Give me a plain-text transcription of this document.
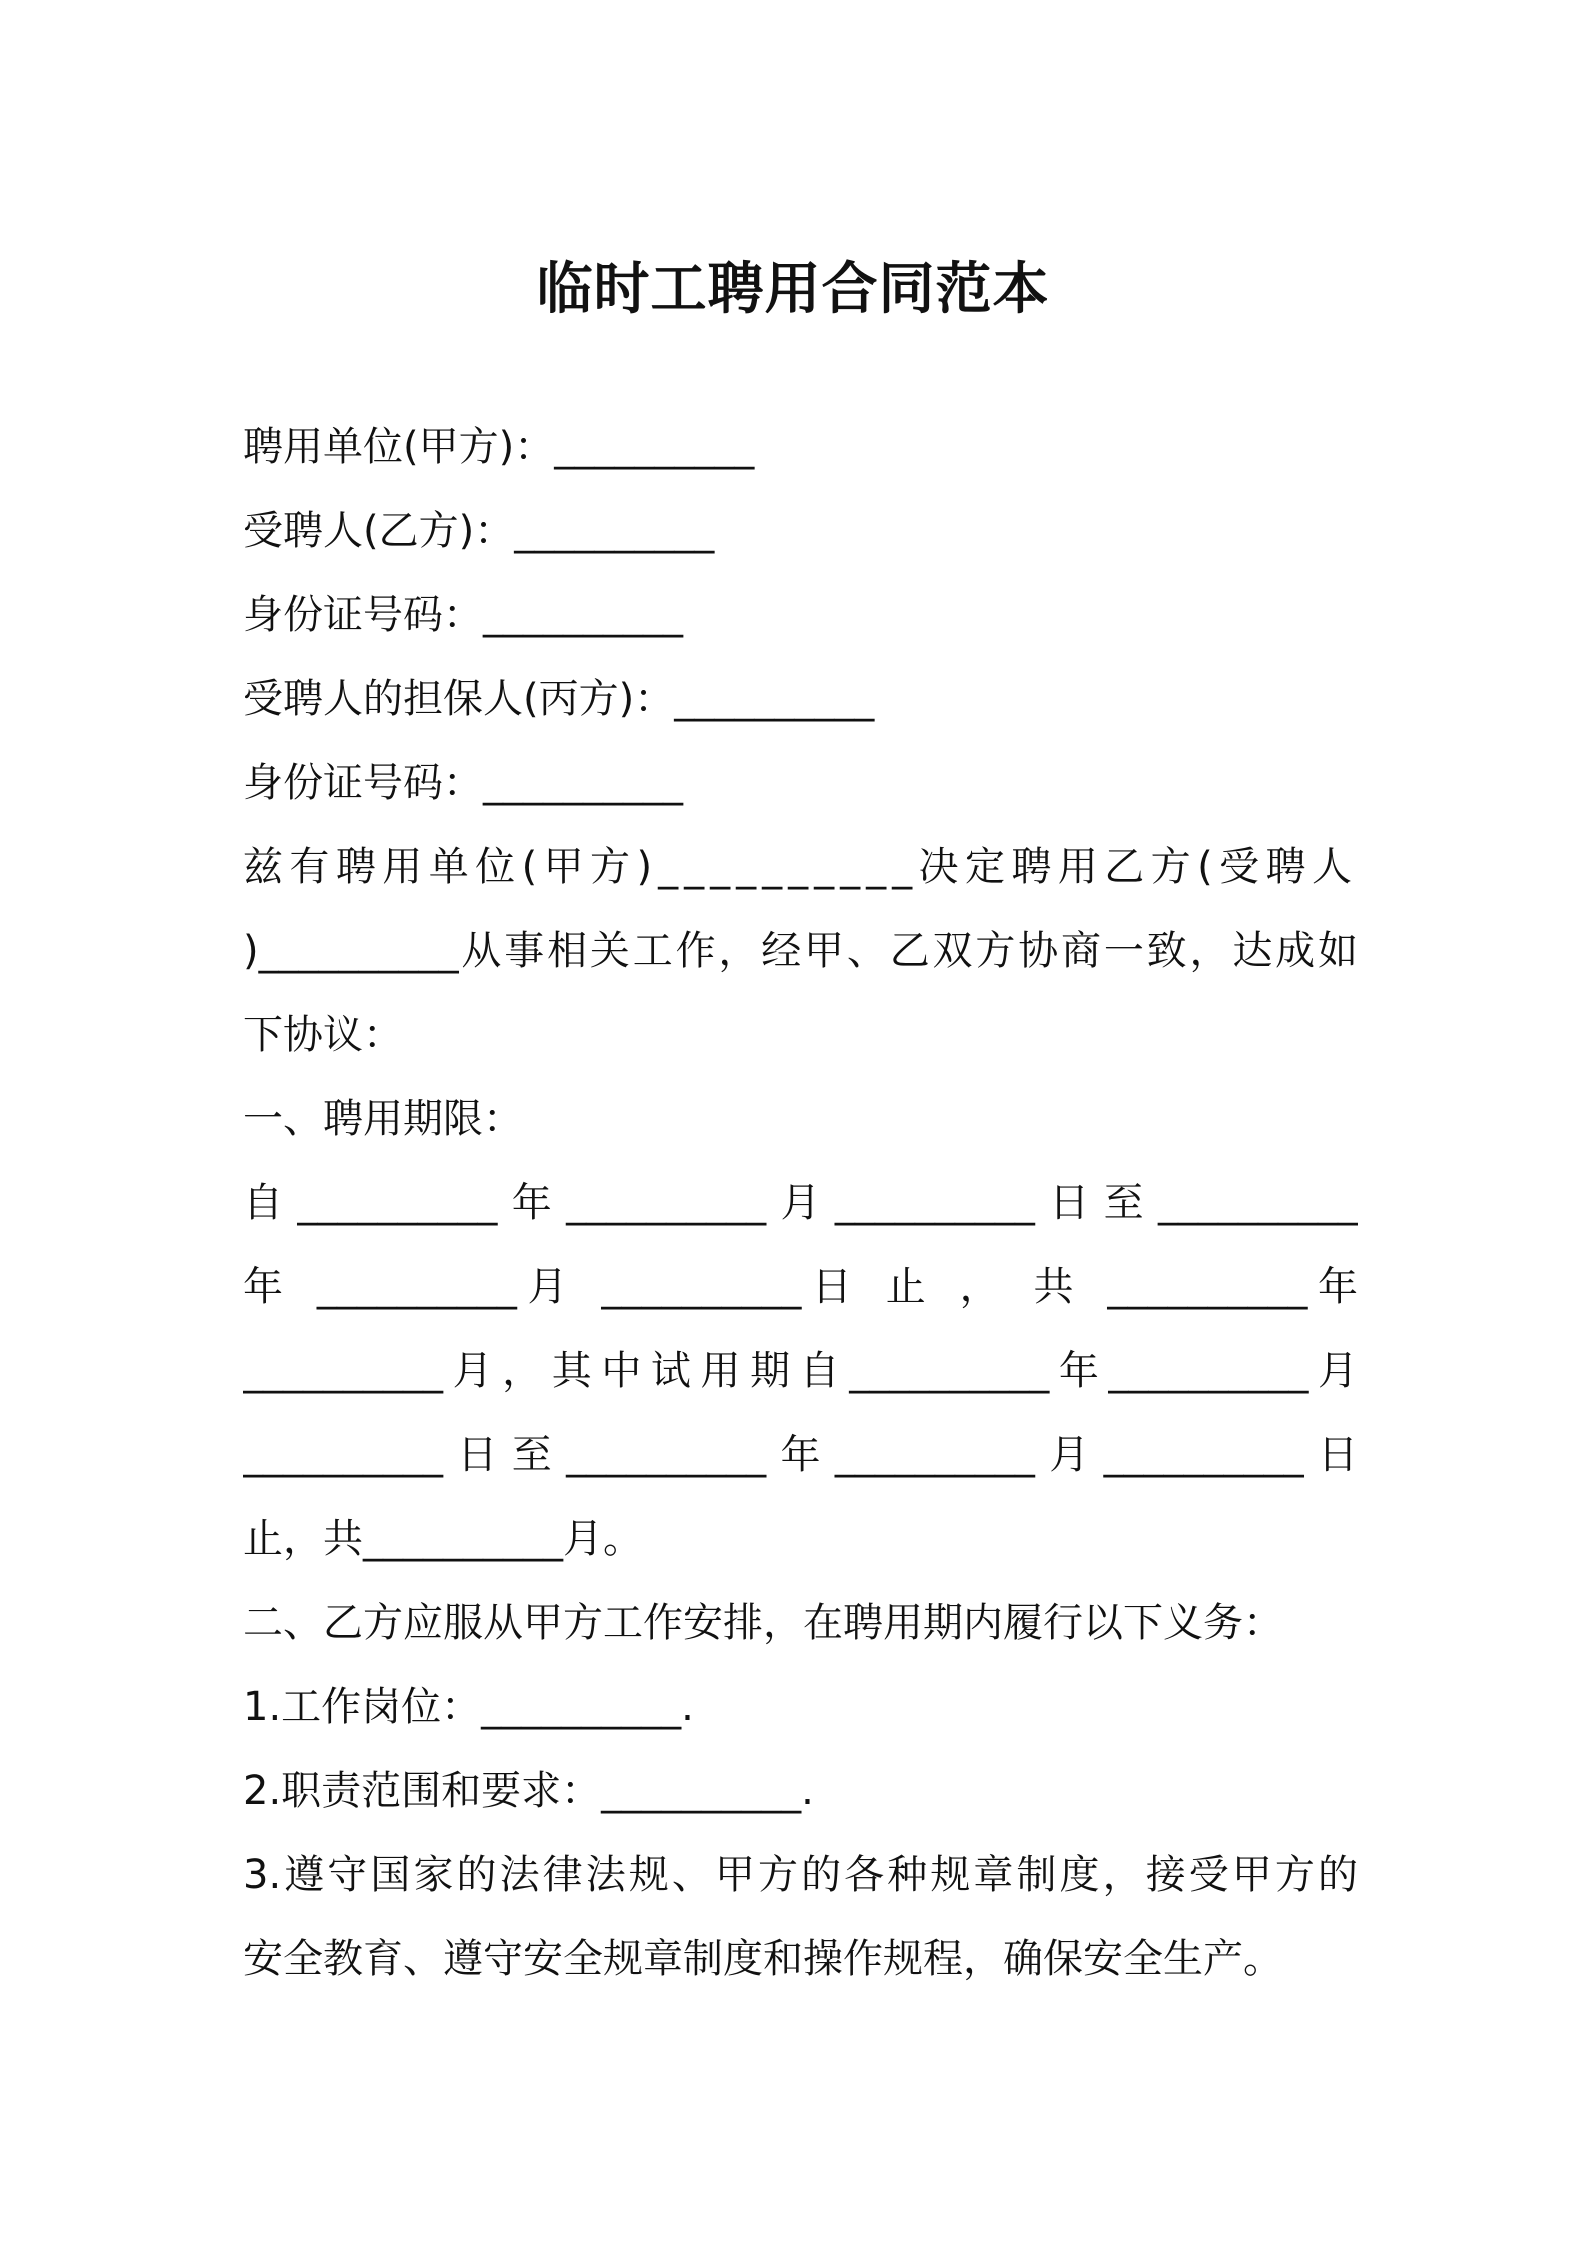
临时工聘用合同范本
聘用单位(甲方)：__________
受聘人(乙方)：__________
身份证号码：__________
受聘人的担保人(丙方)：__________
身份证号码：__________
兹有聘用单位(甲方)__________决定聘用乙方(受聘人
)__________从事相关工作，经甲、乙双方协商一致，达成如
下协议：
一、聘用期限：
自__________年__________月__________日至__________
年 __________月 __________日 止 ， 共 __________年
__________月，其中试用期自__________年__________月
__________日至__________年__________月__________日
止，共__________月。
二、乙方应服从甲方工作安排，在聘用期内履行以下义务：
1.工作岗位：__________.
2.职责范围和要求：__________.
3.遵守国家的法律法规、甲方的各种规章制度，接受甲方的
安全教育、遵守安全规章制度和操作规程，确保安全生产。
